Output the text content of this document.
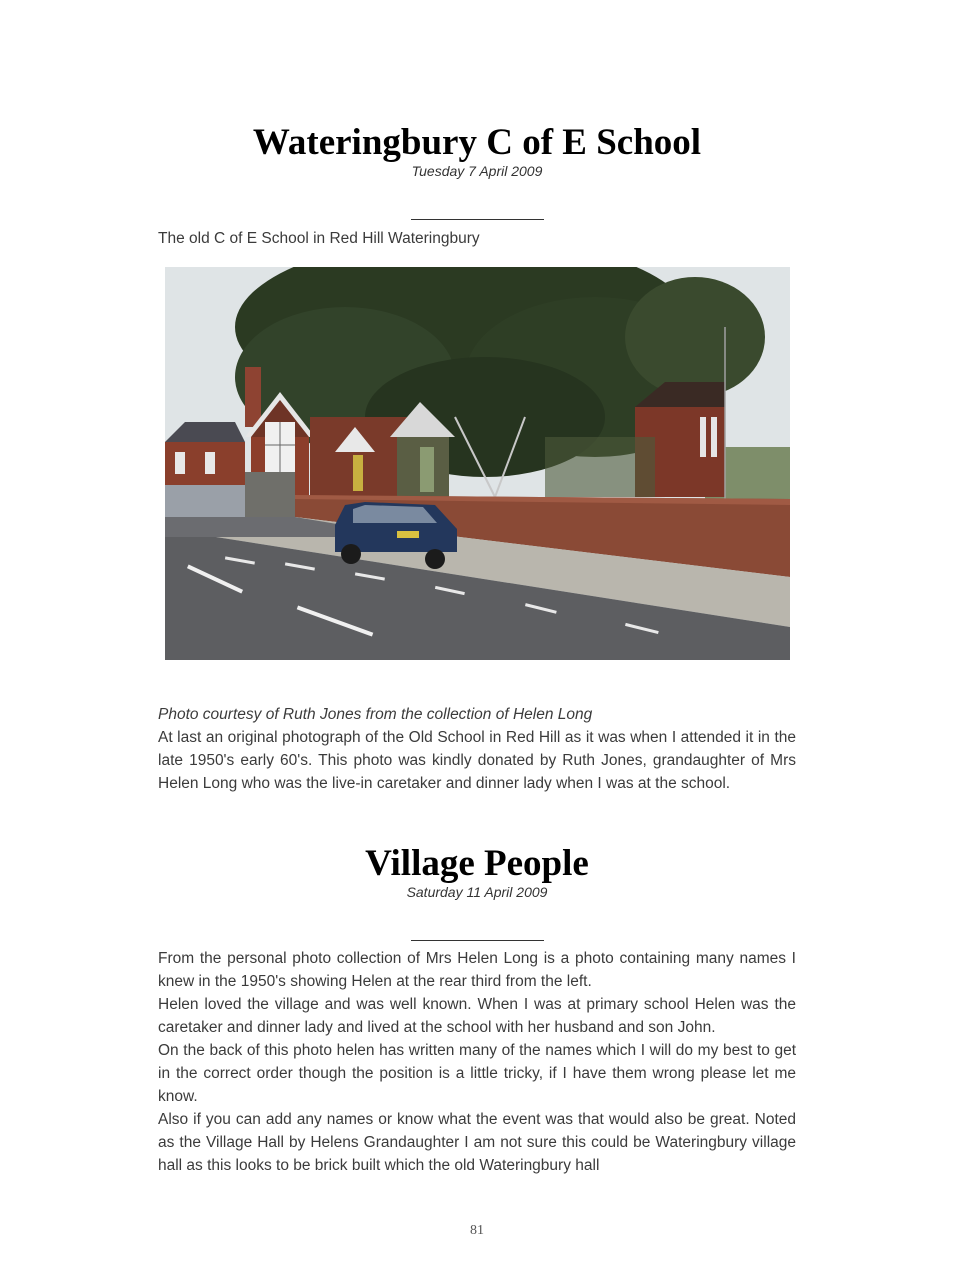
Wateringbury C of E School
Tuesday 7 April 2009

The old C of E School in Red Hill Wateringbury

Photo courtesy of Ruth Jones from the collection of Helen Long

At last an original photograph of the Old School in Red Hill as it was when I attended it in the late 1950's early 60's. This photo was kindly donated by Ruth Jones, grandaughter of Mrs Helen Long who was the live-in caretaker and dinner lady when I was at the school.

Village People
Saturday 11 April 2009
From the personal photo collection of Mrs Helen Long is a photo containing many names I knew in the 1950's showing Helen at the rear third from the left.
Helen loved the village and was well known. When I was at primary school Helen was the caretaker and dinner lady and lived at the school with her husband and son John.
On the back of this photo helen has written many of the names which I will do my best to get in the correct order though the position is a little tricky, if I have them wrong please let me know.
Also if you can add any names or know what the event was that would also be great. Noted as the Village Hall by Helens Grandaughter I am not sure this could be Wateringbury village hall as this looks to be brick built which the old Wateringbury hall
81
